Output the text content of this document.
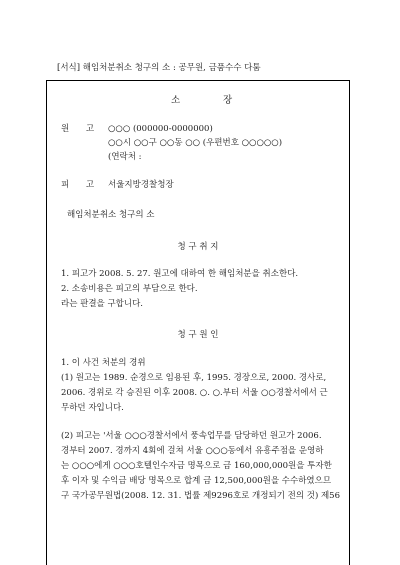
[서식] 해임처분취소 청구의 소 : 공무원, 금품수수 다툼
소	장
원 고 ○○○ (000000-0000000)
○○시 ○○구 ○○동 ○○ (우편번호 ○○○○○)
(연락처 :
피 고 서울지방경찰청장
해임처분취소 청구의 소
청 구 취 지
1. 피고가 2008. 5. 27. 원고에 대하여 한 해임처분을 취소한다.
2. 소송비용은 피고의 부담으로 한다.
라는 판결을 구합니다.
청 구 원 인
1. 이 사건 처분의 경위
(1) 원고는 1989. 순경으로 임용된 후, 1995. 경장으로, 2000. 경사로,
2006. 경위로 각 승진된 이후 2008. ○. ○.부터 서울 ○○경찰서에서 근
무하던 자입니다.
(2) 피고는 '서울 ○○○경찰서에서 풍속업무를 담당하던 원고가 2006.
경부터 2007. 경까지 4회에 걸쳐 서울 ○○○동에서 유흥주점을 운영하
는 ○○○에게 ○○○호텔인수자금 명목으로 금 160,000,000원을 투자한
후 이자 및 수익금 배당 명목으로 합계 금 12,500,000원을 수수하였으므
구 국가공무원법(2008. 12. 31. 법률 제9296호로 개정되기 전의 것) 제56
